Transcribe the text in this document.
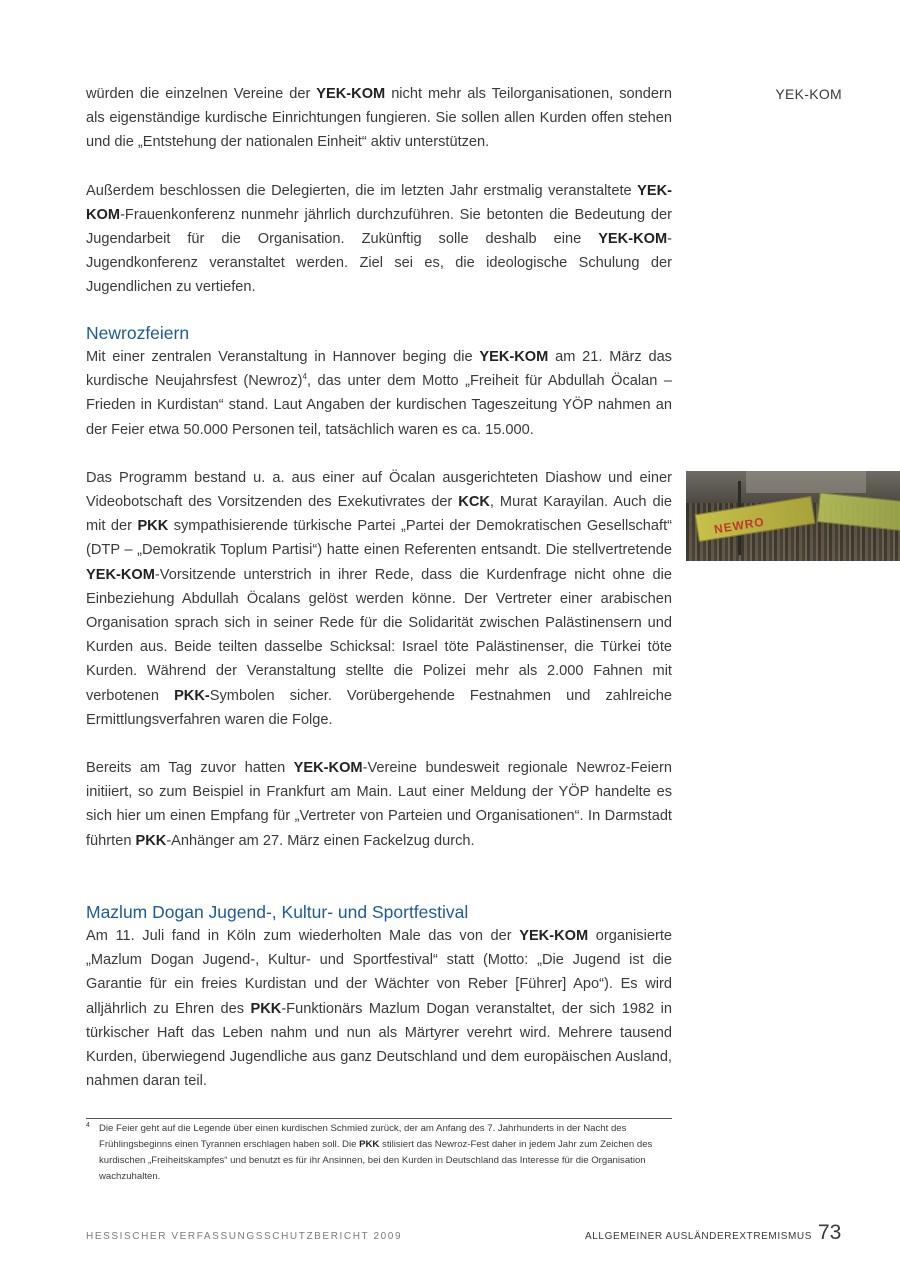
YEK-KOM

würden die einzelnen Vereine der YEK-KOM nicht mehr als Teilorganisationen, sondern als eigenständige kurdische Einrichtungen fungieren. Sie sollen allen Kurden offen stehen und die „Entstehung der nationalen Einheit“ aktiv unterstützen.

Außerdem beschlossen die Delegierten, die im letzten Jahr erstmalig veranstaltete YEK-KOM-Frauenkonferenz nunmehr jährlich durchzuführen. Sie betonten die Bedeutung der Jugendarbeit für die Organisation. Zukünftig solle deshalb eine YEK-KOM-Jugendkonferenz veranstaltet werden. Ziel sei es, die ideologische Schulung der Jugendlichen zu vertiefen.

Newrozfeiern

Mit einer zentralen Veranstaltung in Hannover beging die YEK-KOM am 21. März das kurdische Neujahrsfest (Newroz)$^4$, das unter dem Motto „Freiheit für Abdullah Öcalan – Frieden in Kurdistan“ stand. Laut Angaben der kurdischen Tageszeitung YÖP nahmen an der Feier etwa 50.000 Personen teil, tatsächlich waren es ca. 15.000.

NEWRO
Das Programm bestand u. a. aus einer auf Öcalan ausgerichteten Diashow und einer Videobotschaft des Vorsitzenden des Exekutivrates der KCK, Murat Karayilan. Auch die mit der PKK sympathisierende türkische Partei „Partei der Demokratischen Gesellschaft“ (DTP – „Demokratik Toplum Partisi“) hatte einen Referenten entsandt. Die stellvertretende YEK-KOM-Vorsitzende unterstrich in ihrer Rede, dass die Kurdenfrage nicht ohne die Einbeziehung Abdullah Öcalans gelöst werden könne. Der Vertreter einer arabischen Organisation sprach sich in seiner Rede für die Solidarität zwischen Palästinensern und Kurden aus. Beide teilten dasselbe Schicksal: Israel töte Palästinenser, die Türkei töte Kurden. Während der Veranstaltung stellte die Polizei mehr als 2.000 Fahnen mit verbotenen PKK-Symbolen sicher. Vorübergehende Festnahmen und zahlreiche Ermittlungsverfahren waren die Folge.

Bereits am Tag zuvor hatten YEK-KOM-Vereine bundesweit regionale Newroz-Feiern initiiert, so zum Beispiel in Frankfurt am Main. Laut einer Meldung der YÖP handelte es sich hier um einen Empfang für „Vertreter von Parteien und Organisationen“. In Darmstadt führten PKK-Anhänger am 27. März einen Fackelzug durch.

Mazlum Dogan Jugend-, Kultur- und Sportfestival

Am 11. Juli fand in Köln zum wiederholten Male das von der YEK-KOM organisierte „Mazlum Dogan Jugend-, Kultur- und Sportfestival“ statt (Motto: „Die Jugend ist die Garantie für ein freies Kurdistan und der Wächter von Reber [Führer] Apo“). Es wird alljährlich zu Ehren des PKK-Funktionärs Mazlum Dogan veranstaltet, der sich 1982 in türkischer Haft das Leben nahm und nun als Märtyrer verehrt wird. Mehrere tausend Kurden, überwiegend Jugendliche aus ganz Deutschland und dem europäischen Ausland, nahmen daran teil.

4 Die Feier geht auf die Legende über einen kurdischen Schmied zurück, der am Anfang des 7. Jahrhunderts in der Nacht des Frühlingsbeginns einen Tyrannen erschlagen haben soll. Die PKK stilisiert das Newroz-Fest daher in jedem Jahr zum Zeichen des kurdischen „Freiheitskampfes“ und benutzt es für ihr Ansinnen, bei den Kurden in Deutschland das Interesse für die Organisation wachzuhalten.
HESSISCHER VERFASSUNGSSCHUTZBERICHT 2009	ALLGEMEINER AUSLÄNDEREXTREMISMUS 73
